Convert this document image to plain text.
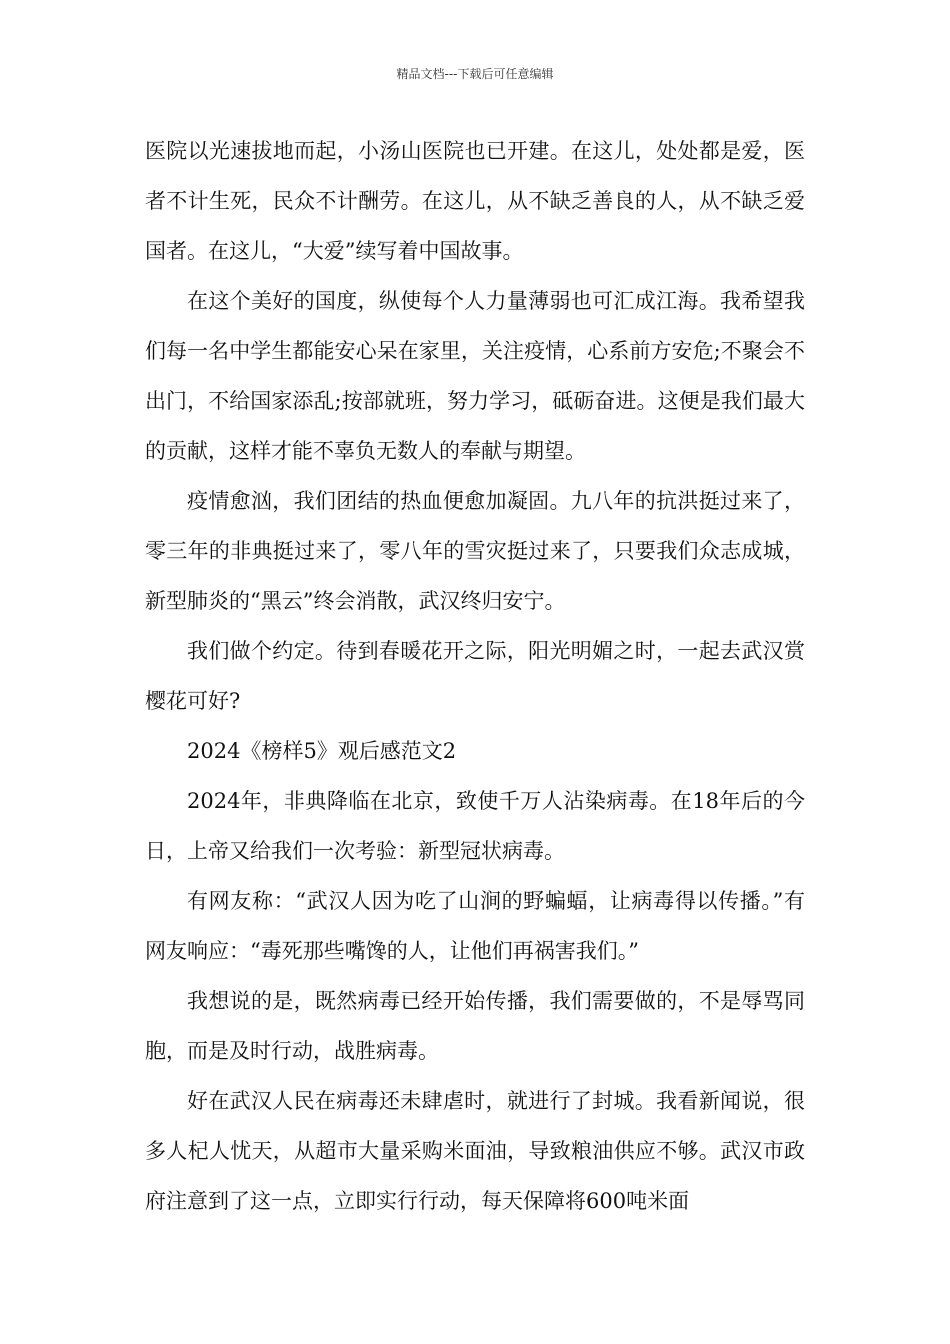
精品文档---下载后可任意编辑

医院以光速拔地而起，小汤山医院也已开建。在这儿，处处都是爱，医者不计生死，民众不计酬劳。在这儿，从不缺乏善良的人，从不缺乏爱国者。在这儿，“大爱”续写着中国故事。

在这个美好的国度，纵使每个人力量薄弱也可汇成江海。我希望我们每一名中学生都能安心呆在家里，关注疫情，心系前方安危;不聚会不出门，不给国家添乱;按部就班，努力学习，砥砺奋进。这便是我们最大的贡献，这样才能不辜负无数人的奉献与期望。

疫情愈汹，我们团结的热血便愈加凝固。九八年的抗洪挺过来了，零三年的非典挺过来了，零八年的雪灾挺过来了，只要我们众志成城，新型肺炎的“黑云”终会消散，武汉终归安宁。

我们做个约定。待到春暖花开之际，阳光明媚之时，一起去武汉赏樱花可好?

2024《榜样5》观后感范文2

2024年，非典降临在北京，致使千万人沾染病毒。在18年后的今日，上帝又给我们一次考验：新型冠状病毒。

有网友称：“武汉人因为吃了山涧的野蝙蝠，让病毒得以传播。”有网友响应：“毒死那些嘴馋的人，让他们再祸害我们。”

我想说的是，既然病毒已经开始传播，我们需要做的，不是辱骂同胞，而是及时行动，战胜病毒。

好在武汉人民在病毒还未肆虐时，就进行了封城。我看新闻说，很多人杞人忧天，从超市大量采购米面油，导致粮油供应不够。武汉市政府注意到了这一点，立即实行行动，每天保障将600吨米面
